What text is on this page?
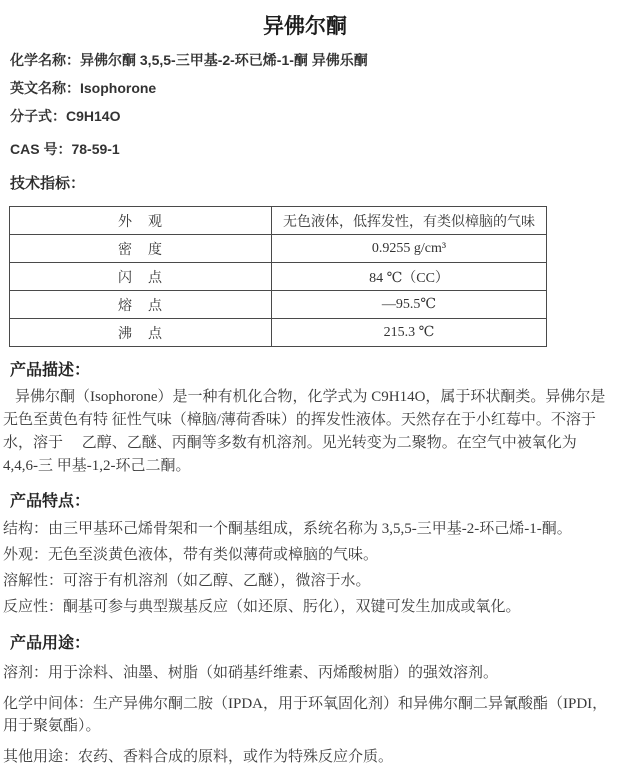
异佛尔酮
化学名称：异佛尔酮 3,5,5-三甲基-2-环已烯-1-酮 异佛乐酮
英文名称：Isophorone
分子式：C9H14O
CAS 号：78-59-1
技术指标：
外　观	无色液体，低挥发性，有类似樟脑的气味
密　度	0.9255 g/cm³
闪　点	84 ℃（CC）
熔　点	—95.5℃
沸　点	215.3 ℃
产品描述：

异佛尔酮（Isophorone）是一种有机化合物，化学式为 C9H14O，属于环状酮类。异佛尔是无色至黄色有特 征性气味（樟脑/薄荷香味）的挥发性液体。天然存在于小红莓中。不溶于水，溶于　 乙醇、乙醚、丙酮等多数有机溶剂。见光转变为二聚物。在空气中被氧化为 4,4,6-三 甲基-1,2-环己二酮。

产品特点：

结构：由三甲基环己烯骨架和一个酮基组成，系统名称为 3,5,5-三甲基-2-环己烯-1-酮。

外观：无色至淡黄色液体，带有类似薄荷或樟脑的气味。

溶解性：可溶于有机溶剂（如乙醇、乙醚），微溶于水。

反应性：酮基可参与典型羰基反应（如还原、肟化），双键可发生加成或氧化。

产品用途：

溶剂：用于涂料、油墨、树脂（如硝基纤维素、丙烯酸树脂）的强效溶剂。

化学中间体：生产异佛尔酮二胺（IPDA，用于环氧固化剂）和异佛尔酮二异氰酸酯（IPDI，用于聚氨酯）。

其他用途：农药、香料合成的原料，或作为特殊反应介质。
